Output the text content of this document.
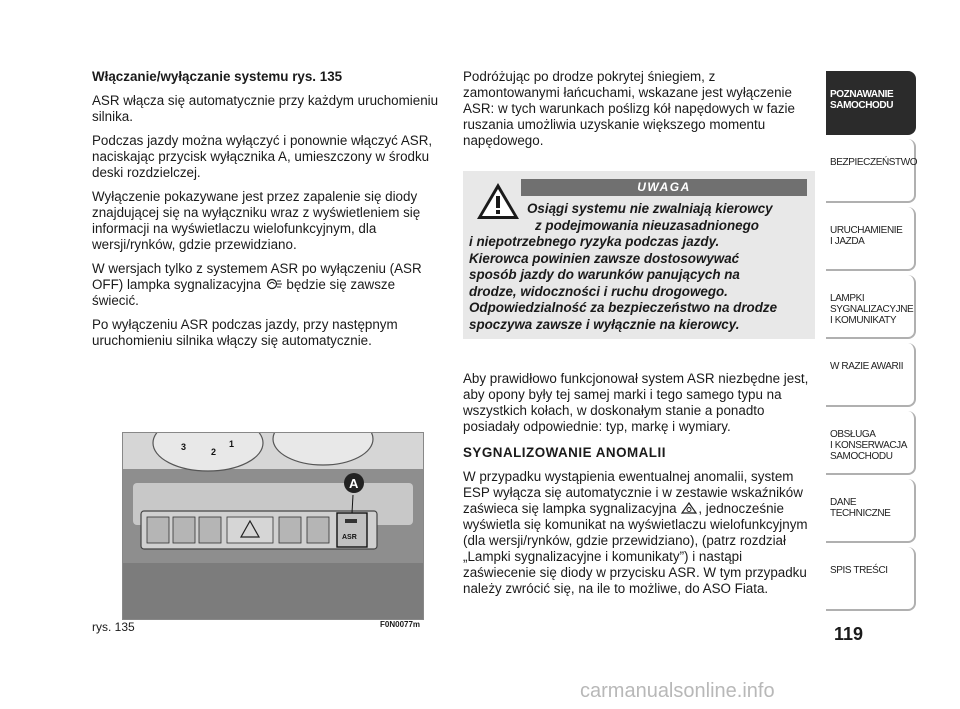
Włączanie/wyłączanie systemu rys. 135

ASR włącza się automatycznie przy każdym uruchomieniu silnika.

Podczas jazdy można wyłączyć i ponownie włączyć ASR, naciskając przycisk wyłącznika A, umieszczony w środku deski rozdzielczej.

Wyłączenie pokazywane jest przez zapalenie się diody znajdującej się na wyłączniku wraz z wyświetleniem się informacji na wyświetlaczu wielofunkcyjnym, dla wersji/rynków, gdzie przewidziano.

W wersjach tylko z systemem ASR po wyłączeniu (ASR OFF) lampka sygnalizacyjna  będzie się zawsze świecić.

Po wyłączeniu ASR podczas jazdy, przy następnym uruchomieniu silnika włączy się automatycznie.

Podróżując po drodze pokrytej śniegiem, z zamontowanymi łańcuchami, wskazane jest wyłączenie ASR: w tych warunkach poślizg kół napędowych w fazie ruszania umożliwia uzyskanie większego momentu napędowego.

UWAGA
Osiągi systemu nie zwalniają kierowcy
z podejmowania nieuzasadnionego
i niepotrzebnego ryzyka podczas jazdy.
Kierowca powinien zawsze dostosowywać
sposób jazdy do warunków panujących na
drodze, widoczności i ruchu drogowego.
Odpowiedzialność za bezpieczeństwo na drodze
spoczywa zawsze i wyłącznie na kierowcy.

Aby prawidłowo funkcjonował system ASR niezbędne jest, aby opony były tej samej marki i tego samego typu na wszystkich kołach, w doskonałym stanie a ponadto posiadały odpowiednie: typ, markę i wymiary.

SYGNALIZOWANIE ANOMALII

W przypadku wystąpienia ewentualnej anomalii, system ESP wyłącza się automatycznie i w zestawie wskaźników zaświeca się lampka sygnalizacyjna , jednocześnie wyświetla się komunikat na wyświetlaczu wielofunkcyjnym (dla wersji/rynków, gdzie przewidziano), (patrz rozdział „Lampki sygnalizacyjne i komunikaty”) i nastąpi zaświecenie się diody w przycisku ASR. W tym przypadku należy zwrócić się, na ile to możliwe, do ASO Fiata.

3	2
1
ASR
A
rys. 135	F0N0077m
POZNAWANIE
SAMOCHODU
BEZPIECZEŃSTWO
URUCHAMIENIE
I JAZDA
LAMPKI
SYGNALIZACYJNE
I KOMUNIKATY
W RAZIE AWARII
OBSŁUGA
I KONSERWACJA
SAMOCHODU
DANE TECHNICZNE
SPIS TREŚCI
119
carmanualsonline.info
